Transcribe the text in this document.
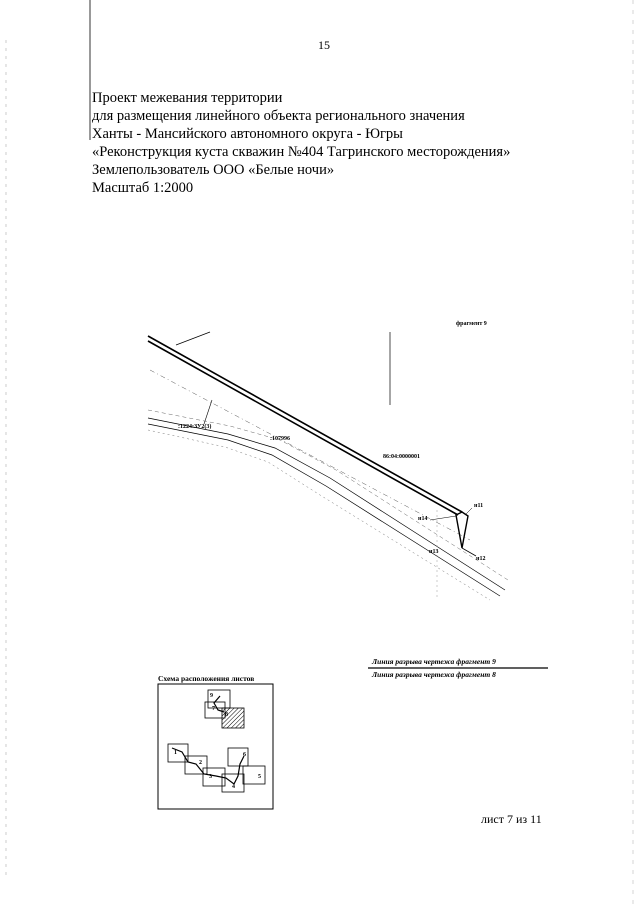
15
Проект межевания территории
для размещения линейного объекта регионального значения
Ханты - Мансийского автономного округа - Югры
«Реконструкция куста скважин №404 Тагринского месторождения»
Землепользователь ООО «Белые ночи»
Масштаб 1:2000
фрагмент 9
:1224:ЗУ2(3)
:107996
86:04:0000001
н11
н14
н13
н12
Линия разрыва чертежа фрагмент 9
Линия разрыва чертежа фрагмент 8
Схема расположения листов
9
8
1
2
3
4
5
6
7
лист 7 из 11
